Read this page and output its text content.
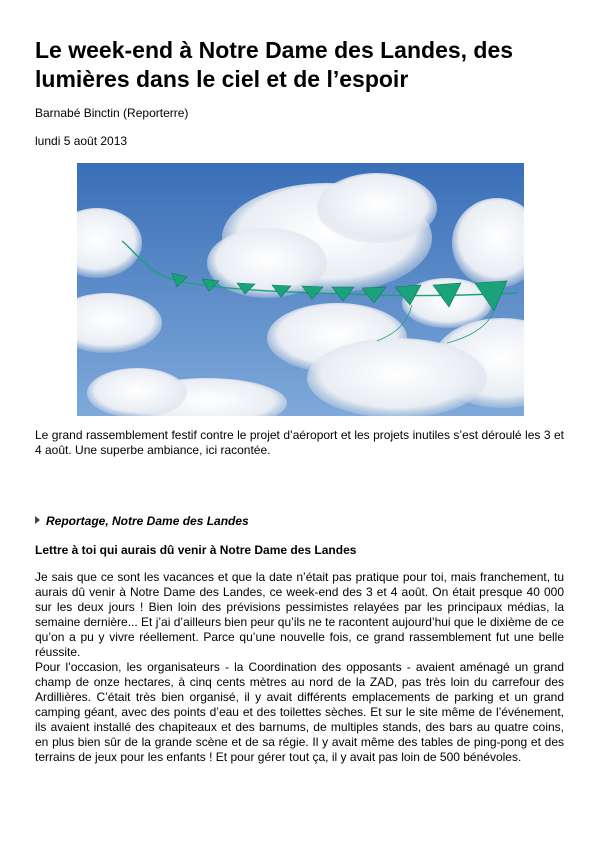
Le week-end à Notre Dame des Landes, des lumières dans le ciel et de l’espoir

Barnabé Binctin (Reporterre)

lundi 5 août 2013

Le grand rassemblement festif contre le projet d’aéroport et les projets inutiles s’est déroulé les 3 et 4 août. Une superbe ambiance, ici racontée.

Reportage, Notre Dame des Landes

Lettre à toi qui aurais dû venir à Notre Dame des Landes

Je sais que ce sont les vacances et que la date n’était pas pratique pour toi, mais franchement, tu aurais dû venir à Notre Dame des Landes, ce week-end des 3 et 4 août. On était presque 40 000 sur les deux jours ! Bien loin des prévisions pessimistes relayées par les principaux médias, la semaine dernière... Et j’ai d’ailleurs bien peur qu’ils ne te racontent aujourd’hui que le dixième de ce qu’on a pu y vivre réellement. Parce qu’une nouvelle fois, ce grand rassemblement fut une belle réussite.

Pour l’occasion, les organisateurs - la Coordination des opposants - avaient aménagé un grand champ de onze hectares, à cinq cents mètres au nord de la ZAD, pas très loin du carrefour des Ardillières. C’était très bien organisé, il y avait différents emplacements de parking et un grand camping géant, avec des points d’eau et des toilettes sèches. Et sur le site même de l’événement, ils avaient installé des chapiteaux et des barnums, de multiples stands, des bars au quatre coins, en plus bien sûr de la grande scène et de sa régie. Il y avait même des tables de ping-pong et des terrains de jeux pour les enfants ! Et pour gérer tout ça, il y avait pas loin de 500 bénévoles.
